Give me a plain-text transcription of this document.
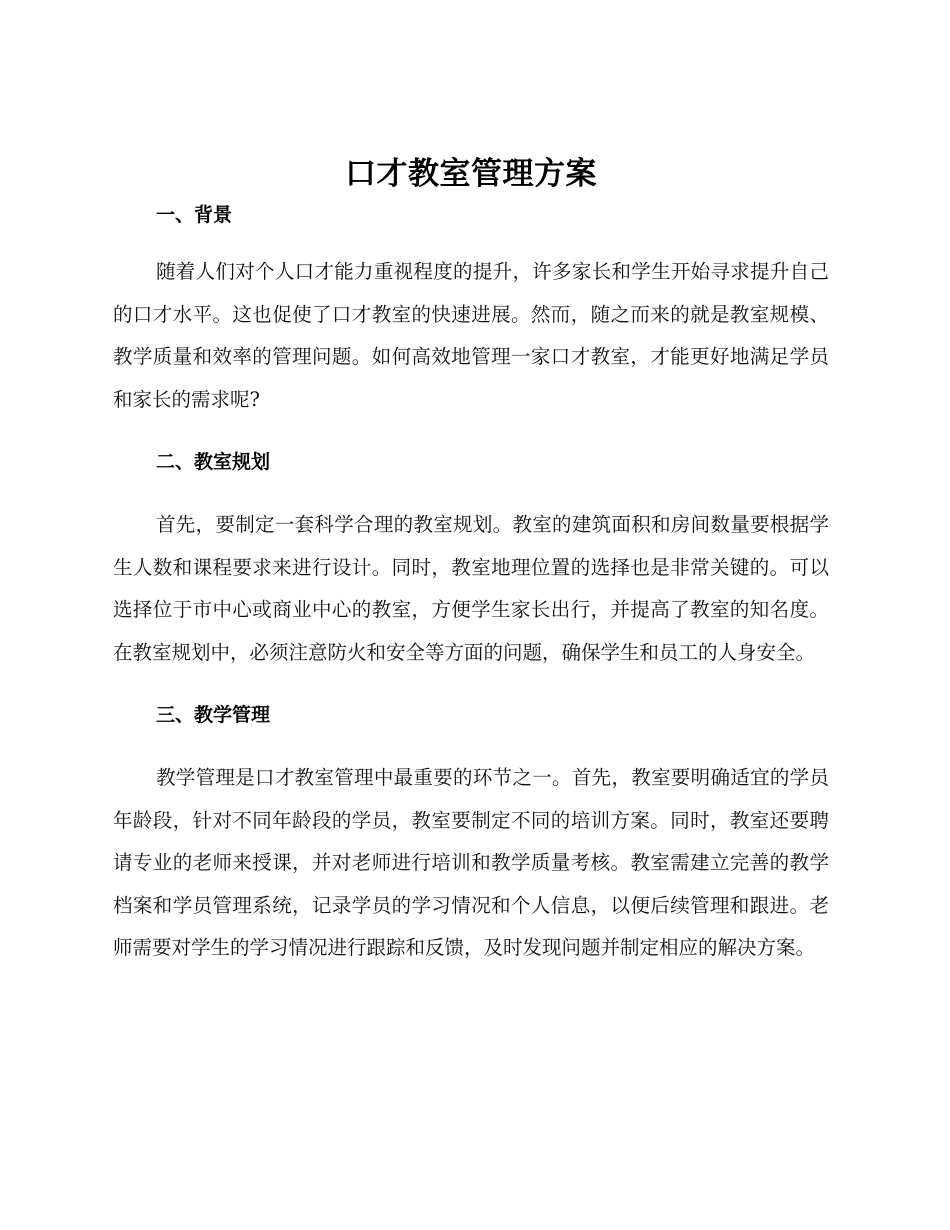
口才教室管理方案
一、背景

随着人们对个人口才能力重视程度的提升，许多家长和学生开始寻求提升自己的口才水平。这也促使了口才教室的快速进展。然而，随之而来的就是教室规模、教学质量和效率的管理问题。如何高效地管理一家口才教室，才能更好地满足学员和家长的需求呢?

二、教室规划

首先，要制定一套科学合理的教室规划。教室的建筑面积和房间数量要根据学生人数和课程要求来进行设计。同时，教室地理位置的选择也是非常关键的。可以选择位于市中心或商业中心的教室，方便学生家长出行，并提高了教室的知名度。在教室规划中，必须注意防火和安全等方面的问题，确保学生和员工的人身安全。

三、教学管理

教学管理是口才教室管理中最重要的环节之一。首先，教室要明确适宜的学员年龄段，针对不同年龄段的学员，教室要制定不同的培训方案。同时，教室还要聘请专业的老师来授课，并对老师进行培训和教学质量考核。教室需建立完善的教学档案和学员管理系统，记录学员的学习情况和个人信息，以便后续管理和跟进。老师需要对学生的学习情况进行跟踪和反馈，及时发现问题并制定相应的解决方案。
